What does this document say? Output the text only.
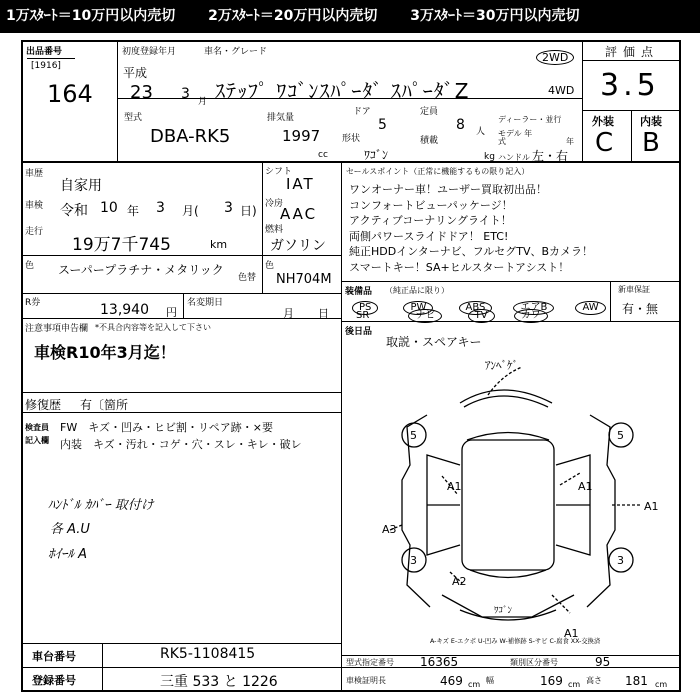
1万ｽﾀｰﾄ＝10万円以内売切 2万ｽﾀｰﾄ＝20万円以内売切 3万ｽﾀｰﾄ＝30万円以内売切
出品番号
[1916]
164
初度登録年月	車名・グレード
平成
23 3 月 ｽﾃｯﾌﾟ ﾜｺﾞﾝｽﾊﾟｰﾀﾞ ｽﾊﾟｰﾀﾞZ
2WD
4WD
評価点
3.5
外装 内装
C B
型式
DBA-RK5
排気量
1997
cc
ドア
5
形状
ﾜｺﾞﾝ
定員
8 人
積載
kg
ディーラー・並行
モデル 年式	年
ハンドル 左・右
車歴
自家用
車検 令和 10 年 3 月( 3 日)
走行
19万7千745	km
シフト
IAT
冷房
AAC
燃料
ガソリン
色 スーパープラチナ・メタリック
色替
色
NH704M
R券	13,940 円
名変期日
月 日
注意事項申告欄 *不具合内容等を記入して下さい
車検R10年3月迄！
修復歴 有〔箇所
検査員
記入欄
FW　キズ・凹み・ヒビ割・リペア跡・×要
内装　キズ・汚れ・コゲ・穴・スレ・キレ・破レ
ﾊﾝﾄﾞﾙ ｶﾊﾞｰ 取付け
各 A.U
ﾎｲｰﾙ A
セールスポイント（正常に機能するもの限り記入）
ワンオーナー車！ユーザー買取初出品！
コンフォートビューパッケージ！
アクティブコーナリングライト！
両側パワースライドドア！ ETC!
純正HDDインターナビ、フルセグTV、Bカメラ！
スマートキー！SA+ヒルスタートアシスト！
装備品 （純正品に限り）
PS	PW	ABS	エアB	AW
SR	ナビ	TV	カワ
新車保証
有・無
後日品
取説・スペアキー
ｱﾝﾍﾞｹﾞ
A1	A1
A3
A1
A2
A1
5	5
3	3
ﾜｺﾞﾝ
A-キズ E-エクボ U-凹み W-補修跡 S-サビ C-腐食 XX-交換済
車台番号	RK5-1108415
登録番号	三重 533 と 1226
型式指定番号 16365	類別区分番号	95
車検証明長	469 cm 幅	169 cm 高さ 181 cm
